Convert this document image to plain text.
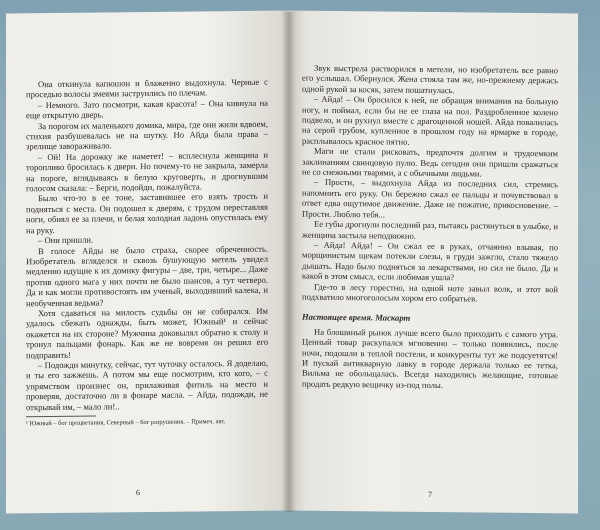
Она откинула капюшон и блаженно выдохнула. Черные с проседью волосы змеями заструились по плечам.

– Немного. Зато посмотри, какая красота! – Она кивнула на еще открытую дверь.

За порогом их маленького домика, мира, где они жили вдвоем, стихия разбушевалась не на шутку. Но Айда была права – зрелище завораживало.

– Ой! На дорожку же наметет! – всплеснула женщина и торопливо бросилась к двери. Но почему-то не закрыла, замерла на пороге, вглядываясь в белую круговерть, и дрогнувшим голосом сказала: – Берги, подойди, пожалуйста.

Было что-то в ее тоне, заставившее его взять трость и подняться с места. Он подошел к дверям, с трудом переставляя ноги, обнял ее за плечи, и белая холодная ладонь опустилась ему на руку.

– Они пришли.

В голосе Айды не было страха, скорее обреченность. Изобретатель вгляделся и сквозь бушующую метель увидел медленно идущие к их домику фигуры – две, три, четыре... Даже против одного мага у них почти не было шансов, а тут четверо. Да и как могли противостоять им ученый, выходивший калека, и необученная ведьма?

Хотя сдаваться на милость судьбы он не собирался. Им удалось сбежать однажды, быть может, Южный¹ и сейчас окажется на их стороне? Мужчина доковылял обратно к столу и тронул пальцами фонарь. Как же не вовремя он решил его подправить!

– Подожди минутку, сейчас, тут чуточку осталось. Я доделаю, и ты его зажжешь. А потом мы еще посмотрим, кто кого, – с упрямством произнес он, прилаживая фитиль на место и проверяя, достаточно ли в фонаре масла. – Айда, подожди, не открывай им, – мало ли!..

¹ Южный – бог процветания, Северный – бог разрушения. – Примеч. авт.

6

Звук выстрела растворился в метели, но изобретатель все равно его услышал. Обернулся. Жена стояла там же, но-прежнему держась одной рукой за косяк, затем пошатнулась.

– Айда! – Он бросился к ней, не обращая внимания на больную ногу, и поймал, если бы не ее глаза на пол. Раздробленное колено подвело, и он рухнул вместе с драгоценной ношей. Айда повалилась на серой грубом, купленное в прошлом году на ярмарке в городе, расплывалось красное пятно.

Маги не стали рисковать, предпочтя долгим и трудоемким заклинаниям свинцовую пулю. Ведь сегодня они пришли сражаться не со снежными тварями, а с обычными людьми.

– Прости, – выдохнула Айда из последних сил, стремясь напомнить его руку. Он бережно сжал ее пальцы и почувствовал в ответ едва ощутимое движение. Даже не пожатие, прикосновение. – Прости. Люблю тебя...

Ее губы дрогнули последний раз, пытаясь растянуться в улыбке, и женщина застыла неподвижно.

– Айда! Айда! – Он сжал ее в руках, отчаянно взывая, по морщинистым щекам потекли слезы, в груди зажгло, стало тяжело дышать. Надо было подняться за лекарствами, но сил не было. Да и какой в этом смысл, если любимая ушла?

Где-то в лесу горестно, на одной ноте завыл волк, и этот вой подхватило многоголосым хором его собратьев.

Настоящее время. Маскарт

На блошиный рынок лучше всего было приходить с самого утра. Ценный товар раскупался мгновенно – только появились, после ночи, подошли в теплой постели, и конкуренты тут же подсуетятся! И пускай антикварную лавку в городе держала только ее тетка, Вильма не обольщалась. Всегда находились желающие, готовые продать редкую вещичку из-под полы.

7
